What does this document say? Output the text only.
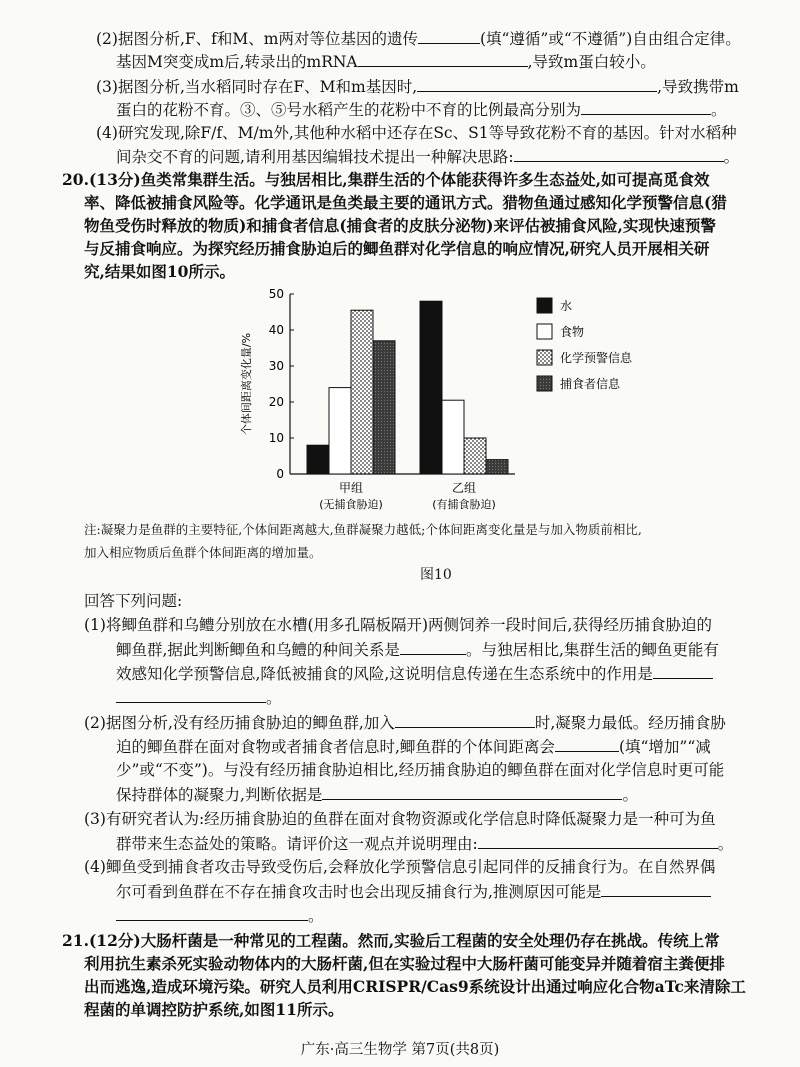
(2)据图分析,F、f和M、m两对等位基因的遗传	(填“遵循”或“不遵循”)自由组合定律。
基因M突变成m后,转录出的mRNA	,导致m蛋白较小。
(3)据图分析,当水稻同时存在F、M和m基因时,	,导致携带m
蛋白的花粉不育。③、⑤号水稻产生的花粉中不育的比例最高分别为	。
(4)研究发现,除F/f、M/m外,其他种水稻中还存在Sc、S1等导致花粉不育的基因。针对水稻种
间杂交不育的问题,请利用基因编辑技术提出一种解决思路:	。
20.(13分)鱼类常集群生活。与独居相比,集群生活的个体能获得许多生态益处,如可提高觅食效
率、降低被捕食风险等。化学通讯是鱼类最主要的通讯方式。猎物鱼通过感知化学预警信息(猎
物鱼受伤时释放的物质)和捕食者信息(捕食者的皮肤分泌物)来评估被捕食风险,实现快速预警
与反捕食响应。为探究经历捕食胁迫后的鲫鱼群对化学信息的响应情况,研究人员开展相关研
究,结果如图10所示。
0
10
20
30
40
50
个体间距离变化量/%
甲组
(无捕食胁迫)
乙组
(有捕食胁迫)
水
食物
化学预警信息
捕食者信息
注:凝聚力是鱼群的主要特征,个体间距离越大,鱼群凝聚力越低;个体间距离变化量是与加入物质前相比,
加入相应物质后鱼群个体间距离的增加量。
图10
回答下列问题:
(1)将鲫鱼群和乌鳢分别放在水槽(用多孔隔板隔开)两侧饲养一段时间后,获得经历捕食胁迫的
鲫鱼群,据此判断鲫鱼和乌鳢的种间关系是	。与独居相比,集群生活的鲫鱼更能有
效感知化学预警信息,降低被捕食的风险,这说明信息传递在生态系统中的作用是
。
(2)据图分析,没有经历捕食胁迫的鲫鱼群,加入	时,凝聚力最低。经历捕食胁
迫的鲫鱼群在面对食物或者捕食者信息时,鲫鱼群的个体间距离会	(填“增加”“减
少”或“不变”)。与没有经历捕食胁迫相比,经历捕食胁迫的鲫鱼群在面对化学信息时更可能
保持群体的凝聚力,判断依据是	。
(3)有研究者认为:经历捕食胁迫的鱼群在面对食物资源或化学信息时降低凝聚力是一种可为鱼
群带来生态益处的策略。请评价这一观点并说明理由:	。
(4)鲫鱼受到捕食者攻击导致受伤后,会释放化学预警信息引起同伴的反捕食行为。在自然界偶
尔可看到鱼群在不存在捕食攻击时也会出现反捕食行为,推测原因可能是
。
21.(12分)大肠杆菌是一种常见的工程菌。然而,实验后工程菌的安全处理仍存在挑战。传统上常
利用抗生素杀死实验动物体内的大肠杆菌,但在实验过程中大肠杆菌可能变异并随着宿主粪便排
出而逃逸,造成环境污染。研究人员利用CRISPR/Cas9系统设计出通过响应化合物aTc来清除工
程菌的单调控防护系统,如图11所示。
广东·高三生物学 第7页(共8页)
